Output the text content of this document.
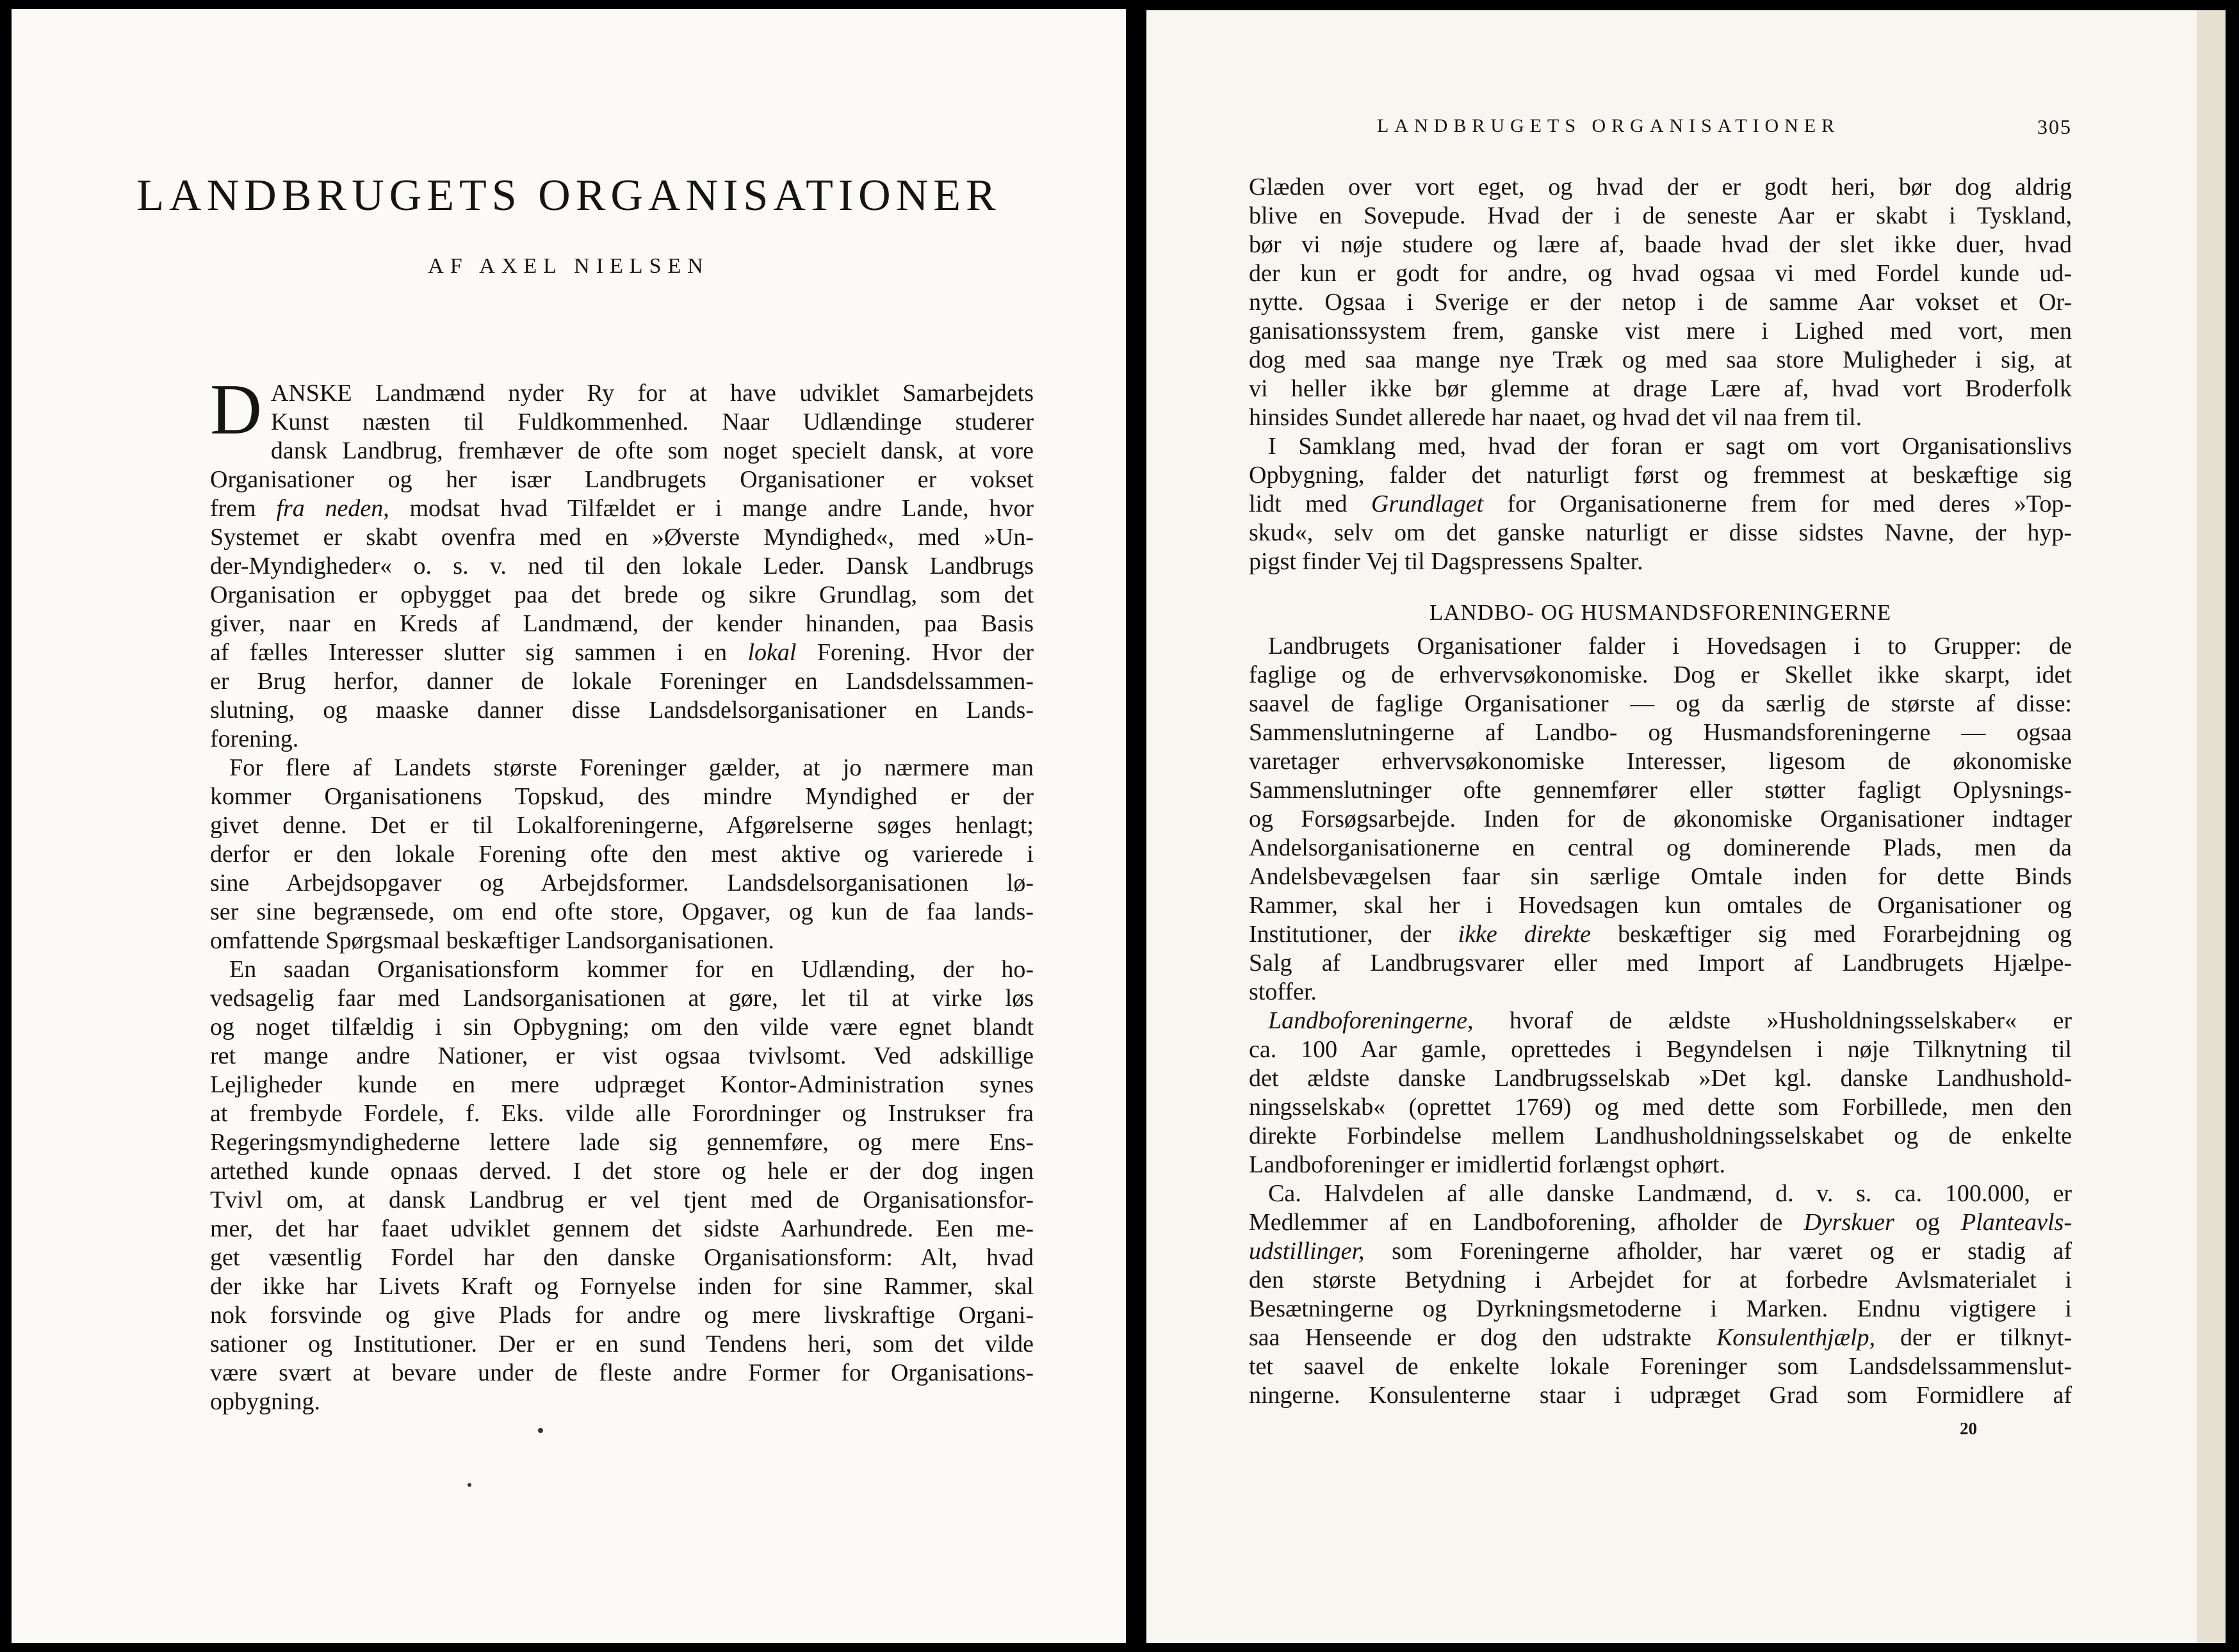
LANDBRUGETS ORGANISATIONER
AF AXEL NIELSEN
D ANSKE Landmænd nyder Ry for at have udviklet Samarbejdets
Kunst næsten til Fuldkommenhed. Naar Udlændinge studerer
dansk Landbrug, fremhæver de ofte som noget specielt dansk, at vore
Organisationer og her især Landbrugets Organisationer er vokset
frem fra neden, modsat hvad Tilfældet er i mange andre Lande, hvor
Systemet er skabt ovenfra med en »Øverste Myndighed«, med »Un-
der-Myndigheder« o. s. v. ned til den lokale Leder. Dansk Landbrugs
Organisation er opbygget paa det brede og sikre Grundlag, som det
giver, naar en Kreds af Landmænd, der kender hinanden, paa Basis
af fælles Interesser slutter sig sammen i en lokal Forening. Hvor der
er Brug herfor, danner de lokale Foreninger en Landsdelssammen-
slutning, og maaske danner disse Landsdelsorganisationer en Lands-
forening.
For flere af Landets største Foreninger gælder, at jo nærmere man
kommer Organisationens Topskud, des mindre Myndighed er der
givet denne. Det er til Lokalforeningerne, Afgørelserne søges henlagt;
derfor er den lokale Forening ofte den mest aktive og varierede i
sine Arbejdsopgaver og Arbejdsformer. Landsdelsorganisationen lø-
ser sine begrænsede, om end ofte store, Opgaver, og kun de faa lands-
omfattende Spørgsmaal beskæftiger Landsorganisationen.
En saadan Organisationsform kommer for en Udlænding, der ho-
vedsagelig faar med Landsorganisationen at gøre, let til at virke løs
og noget tilfældig i sin Opbygning; om den vilde være egnet blandt
ret mange andre Nationer, er vist ogsaa tvivlsomt. Ved adskillige
Lejligheder kunde en mere udpræget Kontor-Administration synes
at frembyde Fordele, f. Eks. vilde alle Forordninger og Instrukser fra
Regeringsmyndighederne lettere lade sig gennemføre, og mere Ens-
artethed kunde opnaas derved. I det store og hele er der dog ingen
Tvivl om, at dansk Landbrug er vel tjent med de Organisationsfor-
mer, det har faaet udviklet gennem det sidste Aarhundrede. Een me-
get væsentlig Fordel har den danske Organisationsform: Alt, hvad
der ikke har Livets Kraft og Fornyelse inden for sine Rammer, skal
nok forsvinde og give Plads for andre og mere livskraftige Organi-
sationer og Institutioner. Der er en sund Tendens heri, som det vilde
være svært at bevare under de fleste andre Former for Organisations-
opbygning.
LANDBRUGETS ORGANISATIONER	305
Glæden over vort eget, og hvad der er godt heri, bør dog aldrig
blive en Sovepude. Hvad der i de seneste Aar er skabt i Tyskland,
bør vi nøje studere og lære af, baade hvad der slet ikke duer, hvad
der kun er godt for andre, og hvad ogsaa vi med Fordel kunde ud-
nytte. Ogsaa i Sverige er der netop i de samme Aar vokset et Or-
ganisationssystem frem, ganske vist mere i Lighed med vort, men
dog med saa mange nye Træk og med saa store Muligheder i sig, at
vi heller ikke bør glemme at drage Lære af, hvad vort Broderfolk
hinsides Sundet allerede har naaet, og hvad det vil naa frem til.
I Samklang med, hvad der foran er sagt om vort Organisationslivs
Opbygning, falder det naturligt først og fremmest at beskæftige sig
lidt med Grundlaget for Organisationerne frem for med deres »Top-
skud«, selv om det ganske naturligt er disse sidstes Navne, der hyp-
pigst finder Vej til Dagspressens Spalter.
LANDBO- OG HUSMANDSFORENINGERNE
Landbrugets Organisationer falder i Hovedsagen i to Grupper: de
faglige og de erhvervsøkonomiske. Dog er Skellet ikke skarpt, idet
saavel de faglige Organisationer — og da særlig de største af disse:
Sammenslutningerne af Landbo- og Husmandsforeningerne — ogsaa
varetager erhvervsøkonomiske Interesser, ligesom de økonomiske
Sammenslutninger ofte gennemfører eller støtter fagligt Oplysnings-
og Forsøgsarbejde. Inden for de økonomiske Organisationer indtager
Andelsorganisationerne en central og dominerende Plads, men da
Andelsbevægelsen faar sin særlige Omtale inden for dette Binds
Rammer, skal her i Hovedsagen kun omtales de Organisationer og
Institutioner, der ikke direkte beskæftiger sig med Forarbejdning og
Salg af Landbrugsvarer eller med Import af Landbrugets Hjælpe-
stoffer.
Landboforeningerne, hvoraf de ældste »Husholdningsselskaber« er
ca. 100 Aar gamle, oprettedes i Begyndelsen i nøje Tilknytning til
det ældste danske Landbrugsselskab »Det kgl. danske Landhushold-
ningsselskab« (oprettet 1769) og med dette som Forbillede, men den
direkte Forbindelse mellem Landhusholdningsselskabet og de enkelte
Landboforeninger er imidlertid forlængst ophørt.
Ca. Halvdelen af alle danske Landmænd, d. v. s. ca. 100.000, er
Medlemmer af en Landboforening, afholder de Dyrskuer og Planteavls-
udstillinger, som Foreningerne afholder, har været og er stadig af
den største Betydning i Arbejdet for at forbedre Avlsmaterialet i
Besætningerne og Dyrkningsmetoderne i Marken. Endnu vigtigere i
saa Henseende er dog den udstrakte Konsulenthjælp, der er tilknyt-
tet saavel de enkelte lokale Foreninger som Landsdelssammenslut-
ningerne. Konsulenterne staar i udpræget Grad som Formidlere af
20
